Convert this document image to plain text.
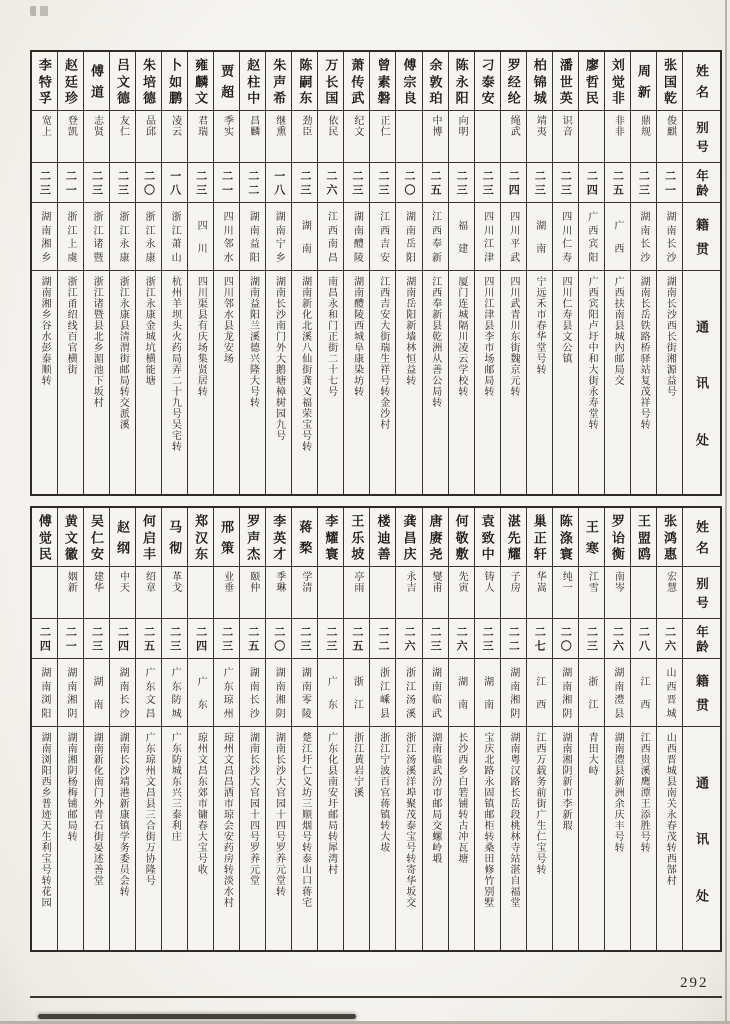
姓
名
别
号
年
龄
籍
贯
通
讯
处
张
国
乾
俊麒
二
一
湖
南
长
沙
湖南长沙西长街湘源益号
周
新
鼎规
二
三
湖
南
长
沙
湖南长岳铁路桥驿站复茂祥号转
刘
觉
非
非非
二
五
广
西
广西扶南县城内邮局交
廖
哲
民
二
四
广
西
宾
阳
广西宾阳卢圩中和大街永寿堂转
潘
世
英
识音
二
三
四
川
仁
寿
四川仁寿县文公镇
柏
锦
城
靖夷
二
三
湖
南
宁远禾市春华堂号转
罗
经
纶
绳武
二
四
四
川
平
武
四川武青川东街魏京元转
刁
泰
安
二
三
四
川
江
津
四川江津县李市场邮局转
陈
永
阳
向明
二
三
福
建
厦门连城隔川凌云学校转
余
敦
珀
中博
二
五
江
西
奉
新
江西奉新县乾洲从善公局转
傅
宗
良
二
〇
湖
南
岳
阳
湖南岳阳新墙林恒益转
曾
素
磐
正仁
二
三
江
西
吉
安
江西吉安大街瑞生祥号转金沙村
萧
传
武
纪文
二
三
湖
南
醴
陵
湖南醴陵西城阜康染坊转
万
长
国
依民
二
六
江
西
南
昌
南昌永和门正街二十七号
陈
嗣
东
劲臣
二
三
湖
南
湖南新化北溪八仙街龚义福荣宝号转
朱
声
希
继熏
一
八
湖
南
宁
乡
湖南长沙南门外大鹅塘樟树园九号
赵
柱
中
昌麟
二
二
湖
南
益
阳
湖南益阳兰溪德兴隆大号转
贾
超
季实
二
一
四
川
邻
水
四川邻水县龙安场
雍
麟
文
君瑞
二
三
四
川
四川渠县有庆场集贤居转
卜
如
鹏
凌云
一
八
浙
江
萧
山
杭州羊坝头火药局弄二十九号吴宅转
朱
培
德
品邱
二
〇
浙
江
永
康
浙江永康金城坑横能塘
吕
文
德
友仁
二
三
浙
江
永
康
浙江永康县清渭街邮局转交派溪
傅
道
志贤
二
三
浙
江
诸
暨
浙江诸暨县北乡湄池下坂村
赵
廷
珍
登凯
二
一
浙
江
上
虞
浙江甬绍线百官横街
李
特
孚
宽上
二
三
湖
南
湘
乡
湖南湘乡谷水彭泰顺转
姓
名
别
号
年
龄
籍
贯
通
讯
处
张
鸿
惠
宏慧
二
六
山
西
晋
城
山西晋城县南关永春茂转西郜村
王
盟
鸥
二
八
江
西
江西贵溪鹰潭王添胜号转
罗
诒
衡
南岑
二
六
湖
南
澧
县
湖南澧县新洲余庆丰号转
王
寒
江雪
二
三
浙
江
青田大峙
陈
涤
寰
纯一
二
〇
湖
南
湘
阴
湖南湘阴新市李新瑕
巢
正
轩
华嵩
二
七
江
西
江西万载务前街广生仁宝号转
湛
先
耀
子房
二
二
湖
南
湘
阴
湖南粤汉路长岳段桃林寺站湛自福堂
袁
致
中
铸人
二
三
湖
南
宝庆北路永固镇邮柜转桑田修竹别墅
何
敬
敷
先寅
二
六
湖
南
长沙西乡白箬铺转古冲瓦塘
唐
赓
尧
燮甫
二
三
湖
南
临
武
湖南临武汾市邮局交螺岭塅
龚
昌
庆
永吉
二
六
浙
江
汤
溪
浙江汤溪洋埠聚茂泰宝号转寄华坂交
楼
迪
善
二
二
浙
江
嵊
县
浙江宁波百官蒋镇转大坺
王
乐
坡
亭雨
二
五
浙
江
浙江黄岩宁溪
李
耀
寰
二
三
广
东
广东化县南安圩邮局转犀湾村
蒋
楘
学清
二
三
湖
南
零
陵
楚江圩仁义坊三顺烟号转泰山口蒋宅
李
英
才
季琳
二
〇
湖
南
湘
阴
湖南长沙大官园十四号罗养元堂转
罗
声
杰
颐仲
二
五
湖
南
长
沙
湖南长沙大官园十四号罗养元堂
邢
策
业垂
二
三
广
东
琼
州
琼州文昌昌洒市琼会安药房转淡水村
郑
汉
东
二
四
广
东
琼州文昌东郊市镛春大宝号收
马
彻
革戈
二
三
广
东
防
城
广东防城东兴三泰利庄
何
启
丰
绍章
二
五
广
东
文
昌
广东琼州文昌县三合街万协隆号
赵
纲
中天
二
四
湖
南
长
沙
湖南长沙靖港新康镇学务委员会转
吴
仁
安
建华
二
三
湖
南
湖南新化南门外青石街晏述善堂
黄
文
徽
姻新
二
一
湖
南
湘
阴
湖南湘阴杨梅铺邮局转
傅
觉
民
二
四
湖
南
浏
阳
湖南浏阳西乡普迹天生利宝号转花园
292
